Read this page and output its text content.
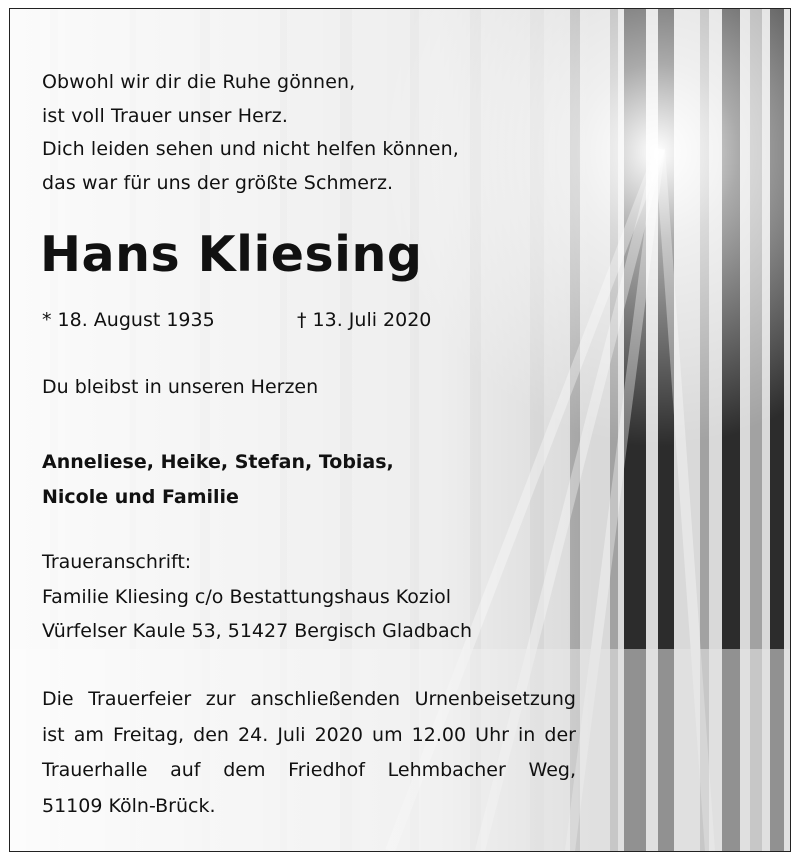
Obwohl wir dir die Ruhe gönnen,
ist voll Trauer unser Herz.
Dich leiden sehen und nicht helfen können,
das war für uns der größte Schmerz.
Hans Kliesing
* 18. August 1935	† 13. Juli 2020
Du bleibst in unseren Herzen
Anneliese, Heike, Stefan, Tobias,
Nicole und Familie
Traueranschrift:
Familie Kliesing c/o Bestattungshaus Koziol
Vürfelser Kaule 53, 51427 Bergisch Gladbach
Die Trauerfeier zur anschließenden Urnenbeisetzung
ist am Freitag, den 24. Juli 2020 um 12.00 Uhr in der
Trauerhalle auf dem Friedhof Lehmbacher Weg,
51109 Köln-Brück.
